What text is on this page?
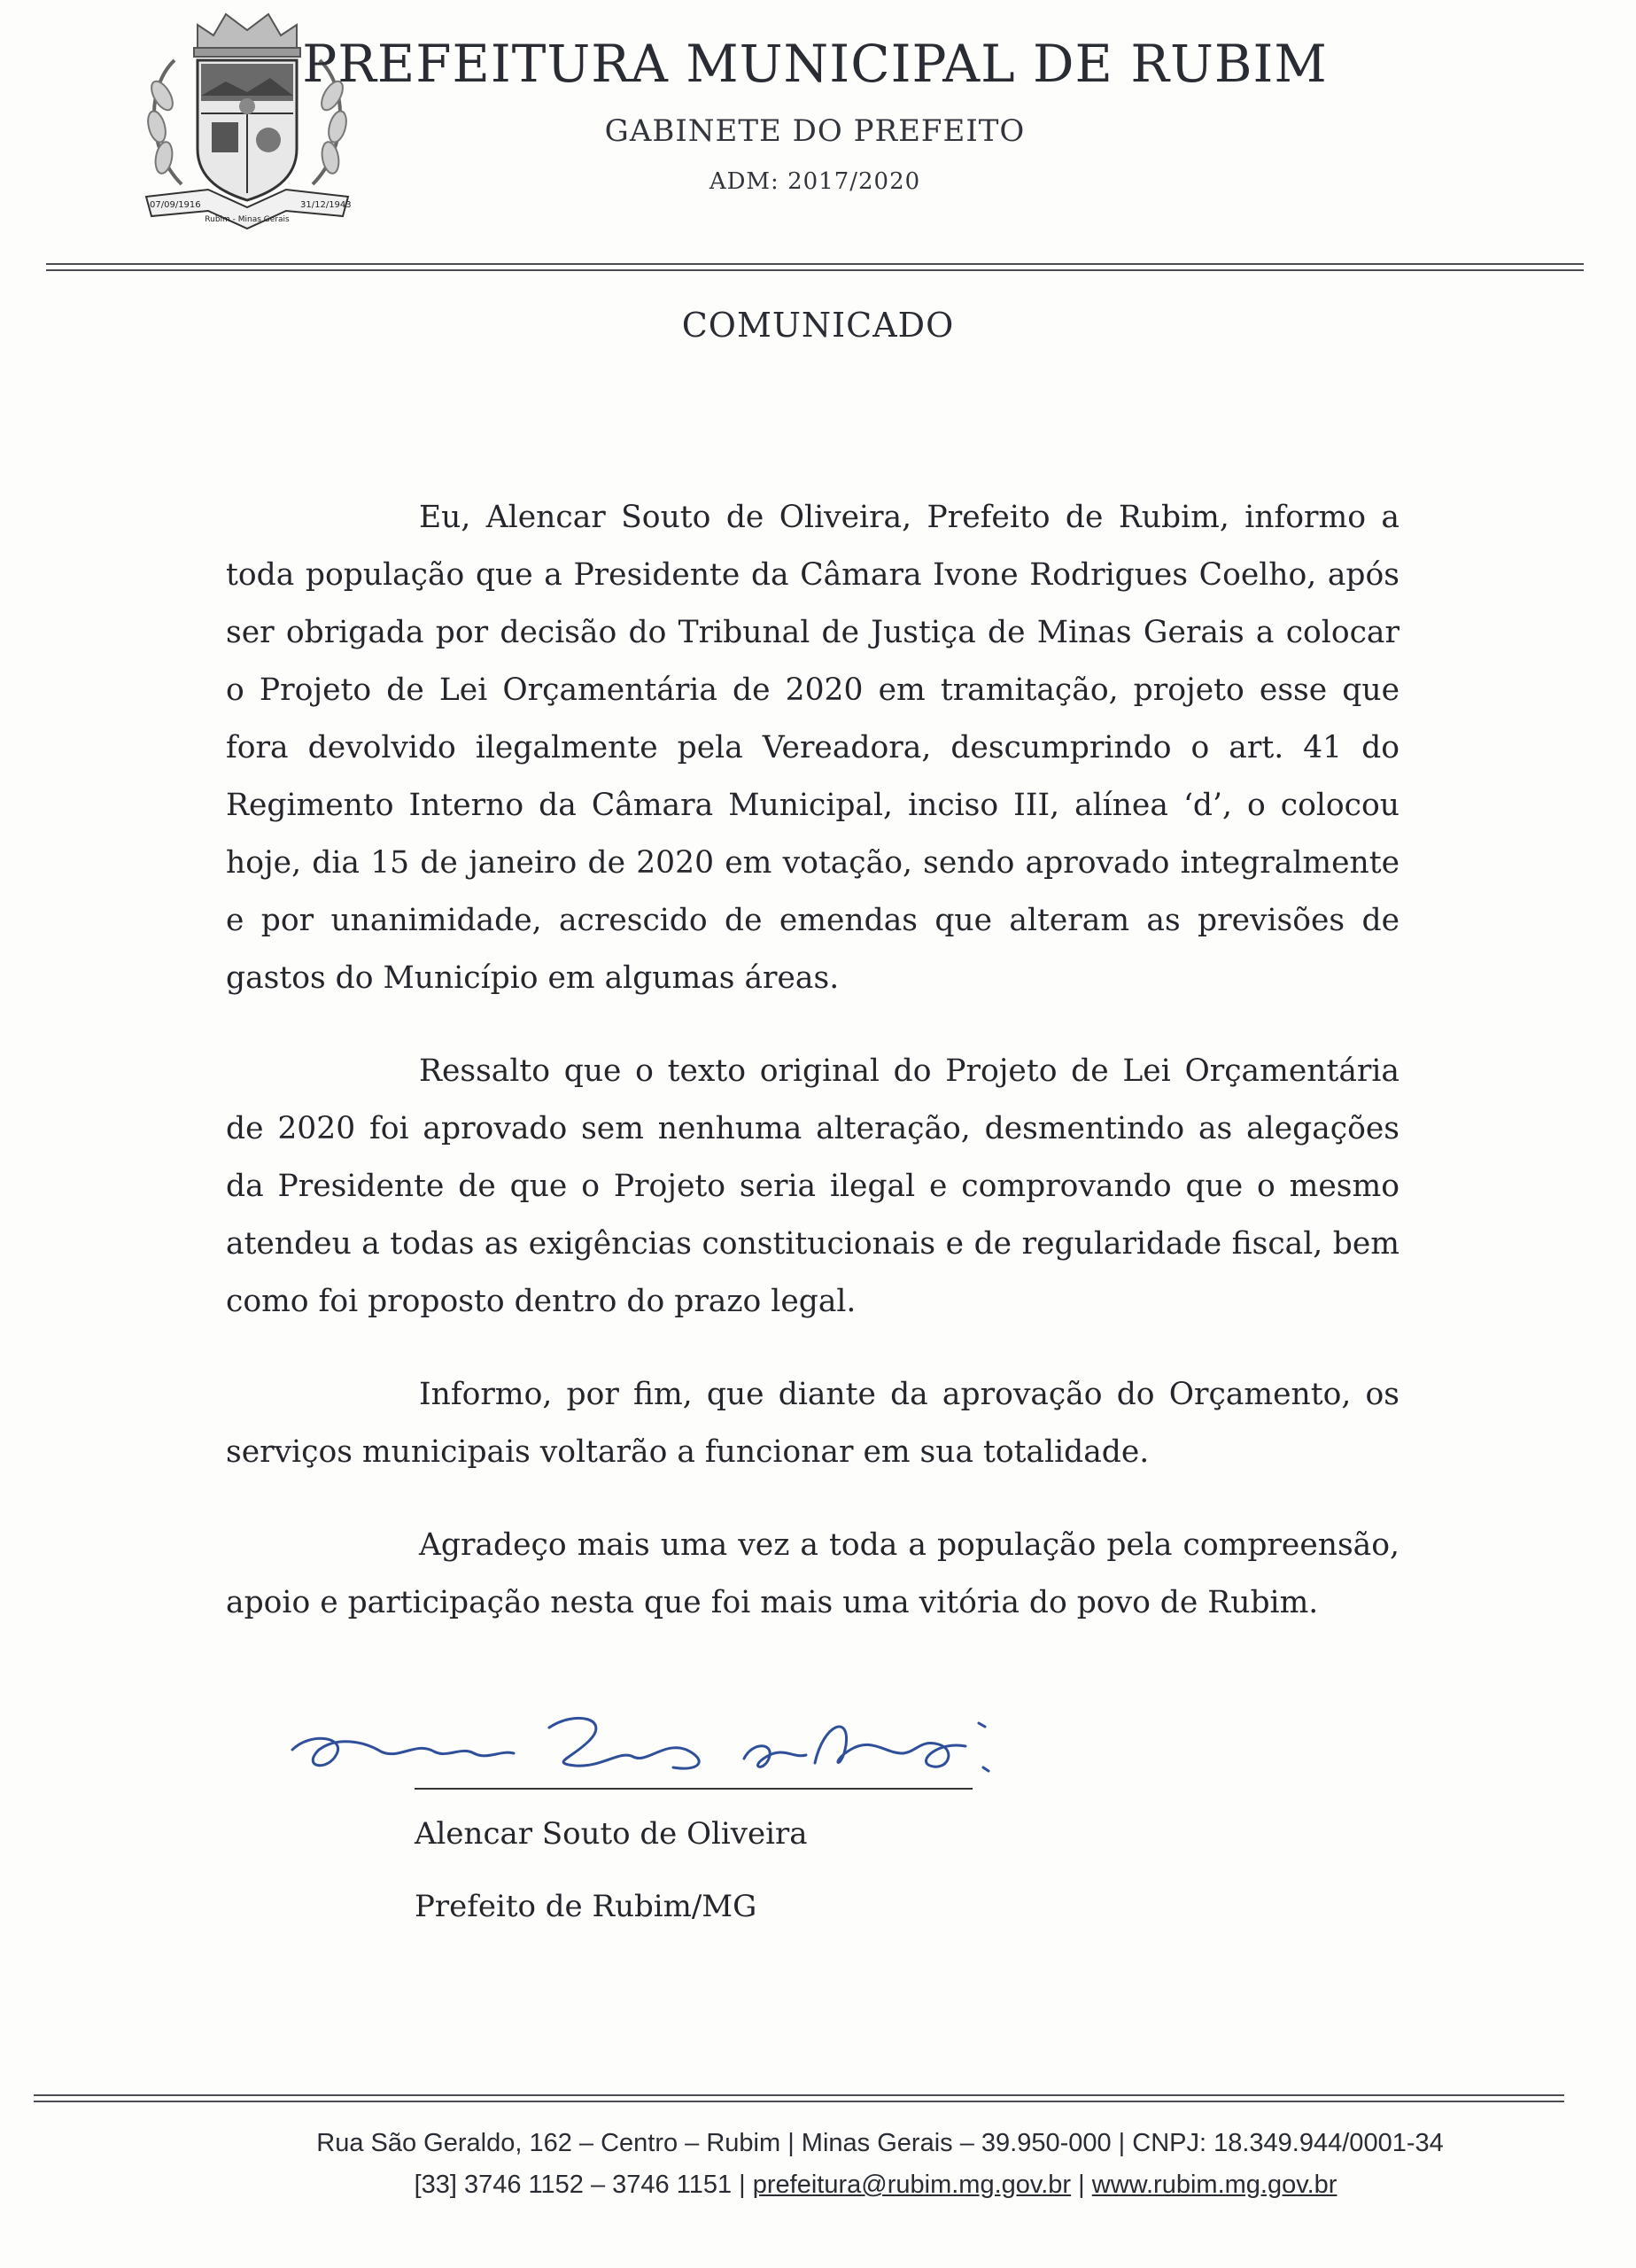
07/09/1916	31/12/1943
Rubim - Minas Gerais
PREFEITURA MUNICIPAL DE RUBIM
GABINETE DO PREFEITO
ADM: 2017/2020
COMUNICADO

Eu, Alencar Souto de Oliveira, Prefeito de Rubim, informo a toda população que a Presidente da Câmara Ivone Rodrigues Coelho, após ser obrigada por decisão do Tribunal de Justiça de Minas Gerais a colocar o Projeto de Lei Orçamentária de 2020 em tramitação, projeto esse que fora devolvido ilegalmente pela Vereadora, descumprindo o art. 41 do Regimento Interno da Câmara Municipal, inciso III, alínea ‘d’, o colocou hoje, dia 15 de janeiro de 2020 em votação, sendo aprovado integralmente e por unanimidade, acrescido de emendas que alteram as previsões de gastos do Município em algumas áreas.

Ressalto que o texto original do Projeto de Lei Orçamentária de 2020 foi aprovado sem nenhuma alteração, desmentindo as alegações da Presidente de que o Projeto seria ilegal e comprovando que o mesmo atendeu a todas as exigências constitucionais e de regularidade fiscal, bem como foi proposto dentro do prazo legal.

Informo, por fim, que diante da aprovação do Orçamento, os serviços municipais voltarão a funcionar em sua totalidade.

Agradeço mais uma vez a toda a população pela compreensão, apoio e participação nesta que foi mais uma vitória do povo de Rubim.

Alencar Souto de Oliveira
Prefeito de Rubim/MG
Rua São Geraldo, 162 – Centro – Rubim | Minas Gerais – 39.950-000 | CNPJ: 18.349.944/0001-34
[33] 3746 1152 – 3746 1151 | prefeitura@rubim.mg.gov.br | www.rubim.mg.gov.br
